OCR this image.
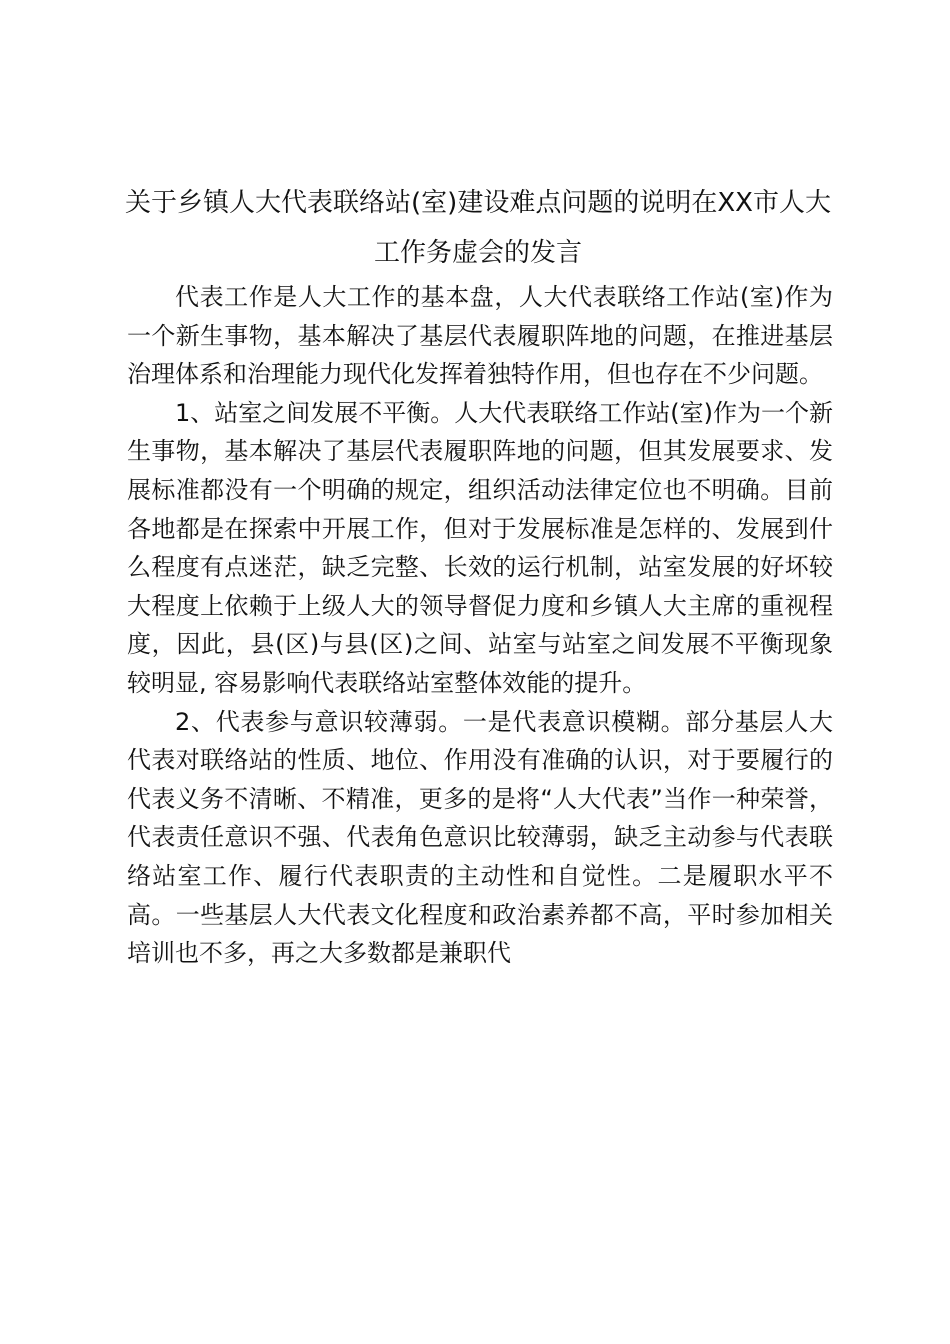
关于乡镇人大代表联络站(室)建设难点问题的说明在XX市人大工作务虚会的发言

代表工作是人大工作的基本盘，人大代表联络工作站(室)作为一个新生事物，基本解决了基层代表履职阵地的问题，在推进基层治理体系和治理能力现代化发挥着独特作用，但也存在不少问题。

1、站室之间发展不平衡。人大代表联络工作站(室)作为一个新生事物，基本解决了基层代表履职阵地的问题，但其发展要求、发展标准都没有一个明确的规定，组织活动法律定位也不明确。目前各地都是在探索中开展工作，但对于发展标准是怎样的、发展到什么程度有点迷茫，缺乏完整、长效的运行机制，站室发展的好坏较大程度上依赖于上级人大的领导督促力度和乡镇人大主席的重视程度，因此，县(区)与县(区)之间、站室与站室之间发展不平衡现象较明显, 容易影响代表联络站室整体效能的提升。

2、代表参与意识较薄弱。一是代表意识模糊。部分基层人大代表对联络站的性质、地位、作用没有准确的认识，对于要履行的代表义务不清晰、不精准，更多的是将“人大代表”当作一种荣誉，代表责任意识不强、代表角色意识比较薄弱，缺乏主动参与代表联络站室工作、履行代表职责的主动性和自觉性。二是履职水平不高。一些基层人大代表文化程度和政治素养都不高，平时参加相关培训也不多，再之大多数都是兼职代
